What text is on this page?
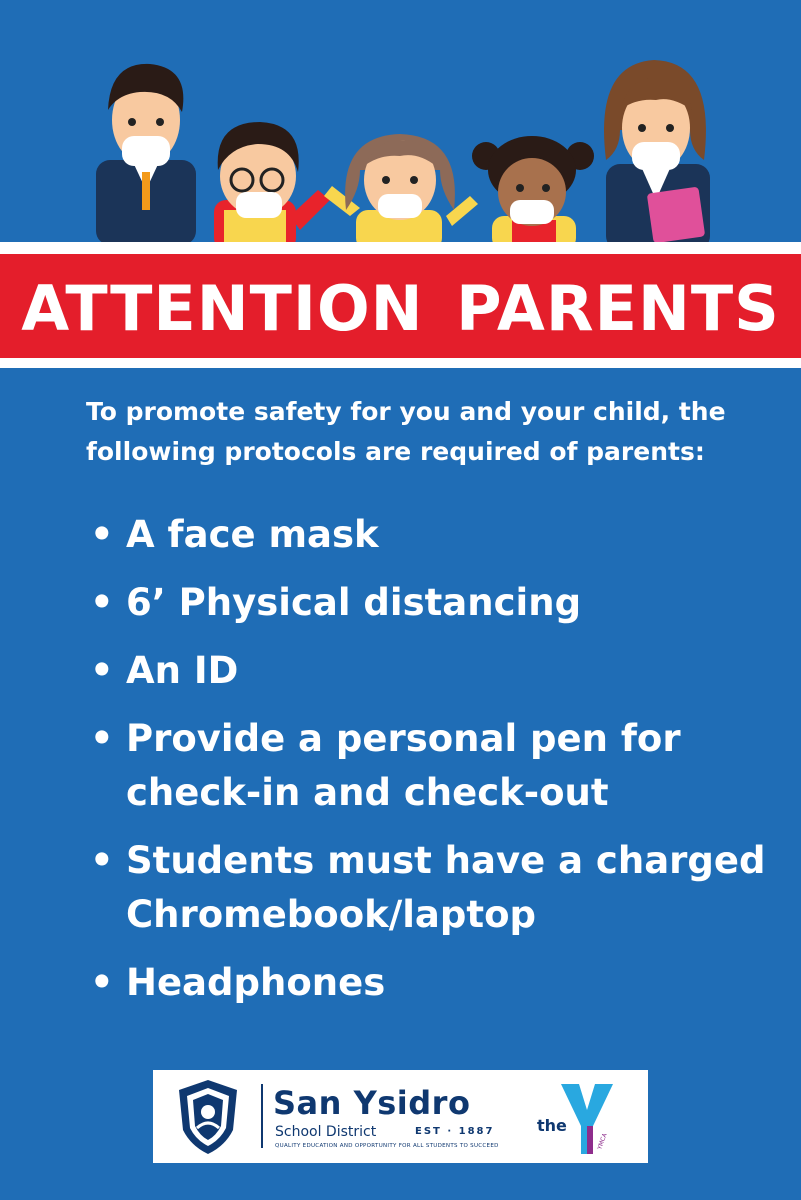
ATTENTION PARENTS
To promote safety for you and your child, the following protocols are required of parents:
• A face mask
• 6’ Physical distancing
• An ID
• Provide a personal pen for
check-in and check-out
• Students must have a charged
Chromebook/laptop
• Headphones
San Ysidro
School District	EST · 1887
QUALITY EDUCATION AND OPPORTUNITY FOR ALL STUDENTS TO SUCCEED
the
YMCA
